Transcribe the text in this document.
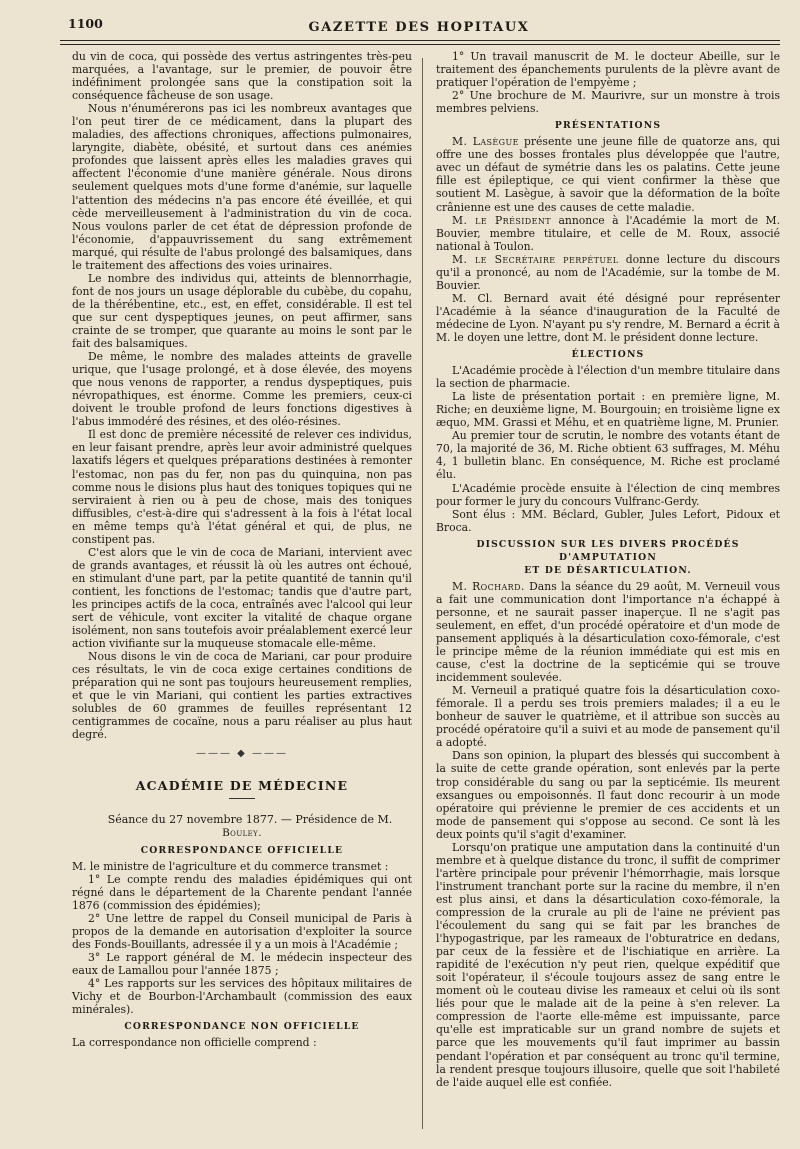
1100	GAZETTE DES HOPITAUX

du vin de coca, qui possède des vertus astringentes très-peu marquées, a l'avantage, sur le premier, de pouvoir être indéfiniment prolongée sans que la constipation soit la conséquence fâcheuse de son usage.

Nous n'énumérerons pas ici les nombreux avantages que l'on peut tirer de ce médicament, dans la plupart des maladies, des affections chroniques, affections pulmonaires, laryngite, diabète, obésité, et surtout dans ces anémies profondes que laissent après elles les maladies graves qui affectent l'économie d'une manière générale. Nous dirons seulement quelques mots d'une forme d'anémie, sur laquelle l'attention des médecins n'a pas encore été éveillée, et qui cède merveilleusement à l'administration du vin de coca. Nous voulons parler de cet état de dépression profonde de l'économie, d'appauvrissement du sang extrêmement marqué, qui résulte de l'abus prolongé des balsamiques, dans le traitement des affections des voies urinaires.

Le nombre des individus qui, atteints de blennorrhagie, font de nos jours un usage déplorable du cubèbe, du copahu, de la thérébentine, etc., est, en effet, considérable. Il est tel que sur cent dyspeptiques jeunes, on peut affirmer, sans crainte de se tromper, que quarante au moins le sont par le fait des balsamiques.

De même, le nombre des malades atteints de gravelle urique, que l'usage prolongé, et à dose élevée, des moyens que nous venons de rapporter, a rendus dyspeptiques, puis névropathiques, est énorme. Comme les premiers, ceux-ci doivent le trouble profond de leurs fonctions digestives à l'abus immodéré des résines, et des oléo-résines.

Il est donc de première nécessité de relever ces individus, en leur faisant prendre, après leur avoir administré quelques laxatifs légers et quelques préparations destinées à remonter l'estomac, non pas du fer, non pas du quinquina, non pas comme nous le disions plus haut des toniques topiques qui ne serviraient à rien ou à peu de chose, mais des toniques diffusibles, c'est-à-dire qui s'adressent à la fois à l'état local en même temps qu'à l'état général et qui, de plus, ne constipent pas.

C'est alors que le vin de coca de Mariani, intervient avec de grands avantages, et réussit là où les autres ont échoué, en stimulant d'une part, par la petite quantité de tannin qu'il contient, les fonctions de l'estomac; tandis que d'autre part, les principes actifs de la coca, entraînés avec l'alcool qui leur sert de véhicule, vont exciter la vitalité de chaque organe isolément, non sans toutefois avoir préalablement exercé leur action vivifiante sur la muqueuse stomacale elle-même.

Nous disons le vin de coca de Mariani, car pour produire ces résultats, le vin de coca exige certaines conditions de préparation qui ne sont pas toujours heureusement remplies, et que le vin Mariani, qui contient les parties extractives solubles de 60 grammes de feuilles représentant 12 centigrammes de cocaïne, nous a paru réaliser au plus haut degré.

——— ◆ ———
ACADÉMIE DE MÉDECINE

Séance du 27 novembre 1877. — Présidence de M. Bouley.

CORRESPONDANCE OFFICIELLE

M. le ministre de l'agriculture et du commerce transmet :

1° Le compte rendu des maladies épidémiques qui ont régné dans le département de la Charente pendant l'année 1876 (commission des épidémies);

2° Une lettre de rappel du Conseil municipal de Paris à propos de la demande en autorisation d'exploiter la source des Fonds-Bouillants, adressée il y a un mois à l'Académie ;

3° Le rapport général de M. le médecin inspecteur des eaux de Lamallou pour l'année 1875 ;

4° Les rapports sur les services des hôpitaux militaires de Vichy et de Bourbon-l'Archambault (commission des eaux minérales).

CORRESPONDANCE NON OFFICIELLE

La correspondance non officielle comprend :

1° Un travail manuscrit de M. le docteur Abeille, sur le traitement des épanchements purulents de la plèvre avant de pratiquer l'opération de l'empyème ;

2° Une brochure de M. Maurivre, sur un monstre à trois membres pelviens.

PRÉSENTATIONS

M. Lasègue présente une jeune fille de quatorze ans, qui offre une des bosses frontales plus développée que l'autre, avec un défaut de symétrie dans les os palatins. Cette jeune fille est épileptique, ce qui vient confirmer la thèse que soutient M. Lasègue, à savoir que la déformation de la boîte crânienne est une des causes de cette maladie.

M. le Président annonce à l'Académie la mort de M. Bouvier, membre titulaire, et celle de M. Roux, associé national à Toulon.

M. le Secrétaire perpétuel donne lecture du discours qu'il a prononcé, au nom de l'Académie, sur la tombe de M. Bouvier.

M. Cl. Bernard avait été désigné pour représenter l'Académie à la séance d'inauguration de la Faculté de médecine de Lyon. N'ayant pu s'y rendre, M. Bernard a écrit à M. le doyen une lettre, dont M. le président donne lecture.

ÉLECTIONS

L'Académie procède à l'élection d'un membre titulaire dans la section de pharmacie.

La liste de présentation portait : en première ligne, M. Riche; en deuxième ligne, M. Bourgouin; en troisième ligne ex æquo, MM. Grassi et Méhu, et en quatrième ligne, M. Prunier.

Au premier tour de scrutin, le nombre des votants étant de 70, la majorité de 36, M. Riche obtient 63 suffrages, M. Méhu 4, 1 bulletin blanc. En conséquence, M. Riche est proclamé élu.

L'Académie procède ensuite à l'élection de cinq membres pour former le jury du concours Vulfranc-Gerdy.

Sont élus : MM. Béclard, Gubler, Jules Lefort, Pidoux et Broca.

DISCUSSION SUR LES DIVERS PROCÉDÉS D'AMPUTATION
ET DE DÉSARTICULATION.

M. Rochard. Dans la séance du 29 août, M. Verneuil vous a fait une communication dont l'importance n'a échappé à personne, et ne saurait passer inaperçue. Il ne s'agit pas seulement, en effet, d'un procédé opératoire et d'un mode de pansement appliqués à la désarticulation coxo-fémorale, c'est le principe même de la réunion immédiate qui est mis en cause, c'est la doctrine de la septicémie qui se trouve incidemment soulevée.

M. Verneuil a pratiqué quatre fois la désarticulation coxo-fémorale. Il a perdu ses trois premiers malades; il a eu le bonheur de sauver le quatrième, et il attribue son succès au procédé opératoire qu'il a suivi et au mode de pansement qu'il a adopté.

Dans son opinion, la plupart des blessés qui succombent à la suite de cette grande opération, sont enlevés par la perte trop considérable du sang ou par la septicémie. Ils meurent exsangues ou empoisonnés. Il faut donc recourir à un mode opératoire qui prévienne le premier de ces accidents et un mode de pansement qui s'oppose au second. Ce sont là les deux points qu'il s'agit d'examiner.

Lorsqu'on pratique une amputation dans la continuité d'un membre et à quelque distance du tronc, il suffit de comprimer l'artère principale pour prévenir l'hémorrhagie, mais lorsque l'instrument tranchant porte sur la racine du membre, il n'en est plus ainsi, et dans la désarticulation coxo-fémorale, la compression de la crurale au pli de l'aine ne prévient pas l'écoulement du sang qui se fait par les branches de l'hypogastrique, par les rameaux de l'obturatrice en dedans, par ceux de la fessière et de l'ischiatique en arrière. La rapidité de l'exécution n'y peut rien, quelque expéditif que soit l'opérateur, il s'écoule toujours assez de sang entre le moment où le couteau divise les rameaux et celui où ils sont liés pour que le malade ait de la peine à s'en relever. La compression de l'aorte elle-même est impuissante, parce qu'elle est impraticable sur un grand nombre de sujets et parce que les mouvements qu'il faut imprimer au bassin pendant l'opération et par conséquent au tronc qu'il termine, la rendent presque toujours illusoire, quelle que soit l'habileté de l'aide auquel elle est confiée.
